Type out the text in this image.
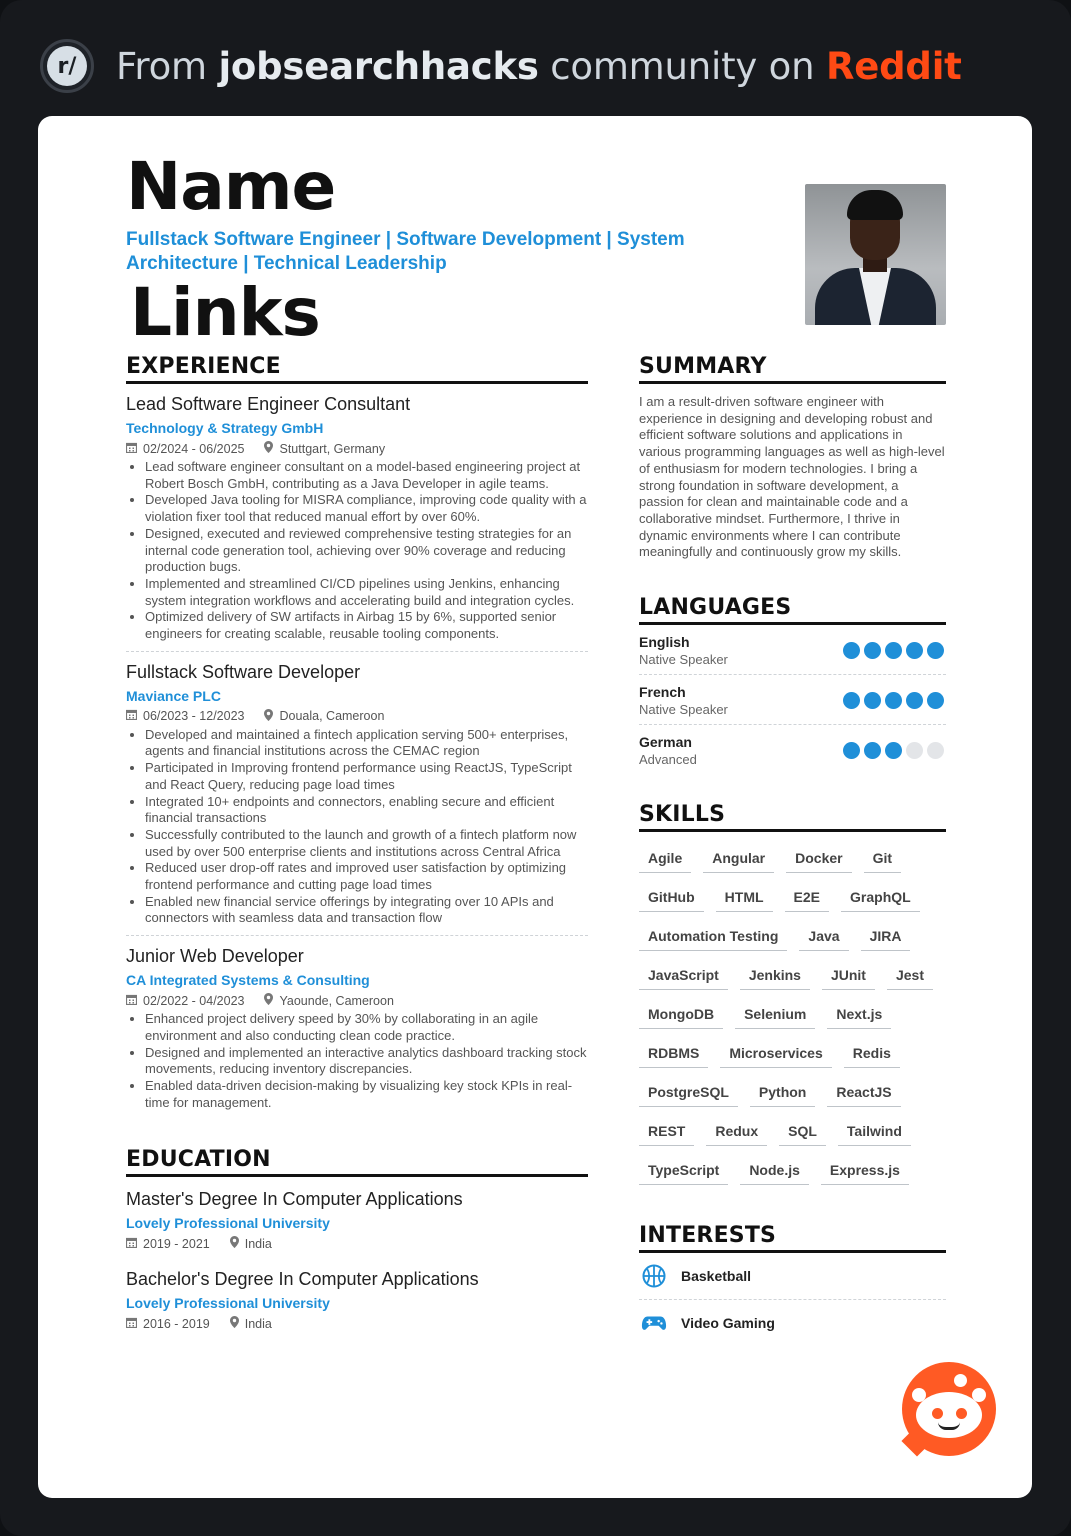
r/ From jobsearchhacks community on Reddit
Name
Fullstack Software Engineer | Software Development | System Architecture | Technical Leadership
Links
EXPERIENCE
Lead Software Engineer Consultant
Technology & Strategy GmbH
02/2024 - 06/2025	Stuttgart, Germany
• Lead software engineer consultant on a model-based engineering project at Robert Bosch GmbH, contributing as a Java Developer in agile teams.
• Developed Java tooling for MISRA compliance, improving code quality with a violation fixer tool that reduced manual effort by over 60%.
• Designed, executed and reviewed comprehensive testing strategies for an internal code generation tool, achieving over 90% coverage and reducing production bugs.
• Implemented and streamlined CI/CD pipelines using Jenkins, enhancing system integration workflows and accelerating build and integration cycles.
• Optimized delivery of SW artifacts in Airbag 15 by 6%, supported senior engineers for creating scalable, reusable tooling components.
Fullstack Software Developer
Maviance PLC
06/2023 - 12/2023	Douala, Cameroon
• Developed and maintained a fintech application serving 500+ enterprises, agents and financial institutions across the CEMAC region
• Participated in Improving frontend performance using ReactJS, TypeScript and React Query, reducing page load times
• Integrated 10+ endpoints and connectors, enabling secure and efficient financial transactions
• Successfully contributed to the launch and growth of a fintech platform now used by over 500 enterprise clients and institutions across Central Africa
• Reduced user drop-off rates and improved user satisfaction by optimizing frontend performance and cutting page load times
• Enabled new financial service offerings by integrating over 10 APIs and connectors with seamless data and transaction flow
Junior Web Developer
CA Integrated Systems & Consulting
02/2022 - 04/2023	Yaounde, Cameroon
• Enhanced project delivery speed by 30% by collaborating in an agile environment and also conducting clean code practice.
• Designed and implemented an interactive analytics dashboard tracking stock movements, reducing inventory discrepancies.
• Enabled data-driven decision-making by visualizing key stock KPIs in real-time for management.
EDUCATION
Master's Degree In Computer Applications
Lovely Professional University
2019 - 2021	India
Bachelor's Degree In Computer Applications
Lovely Professional University
2016 - 2019	India
SUMMARY
I am a result-driven software engineer with experience in designing and developing robust and efficient software solutions and applications in various programming languages as well as high-level of enthusiasm for modern technologies. I bring a strong foundation in software development, a passion for clean and maintainable code and a collaborative mindset. Furthermore, I thrive in dynamic environments where I can contribute meaningfully and continuously grow my skills.
LANGUAGES
English
Native Speaker
French
Native Speaker
German
Advanced
SKILLS
Agile	Angular	Docker	Git
GitHub	HTML	E2E	GraphQL
Automation Testing	Java	JIRA
JavaScript	Jenkins	JUnit	Jest
MongoDB	Selenium	Next.js
RDBMS	Microservices	Redis
PostgreSQL	Python	ReactJS
REST	Redux	SQL	Tailwind
TypeScript	Node.js	Express.js
INTERESTS
Basketball
Video Gaming
